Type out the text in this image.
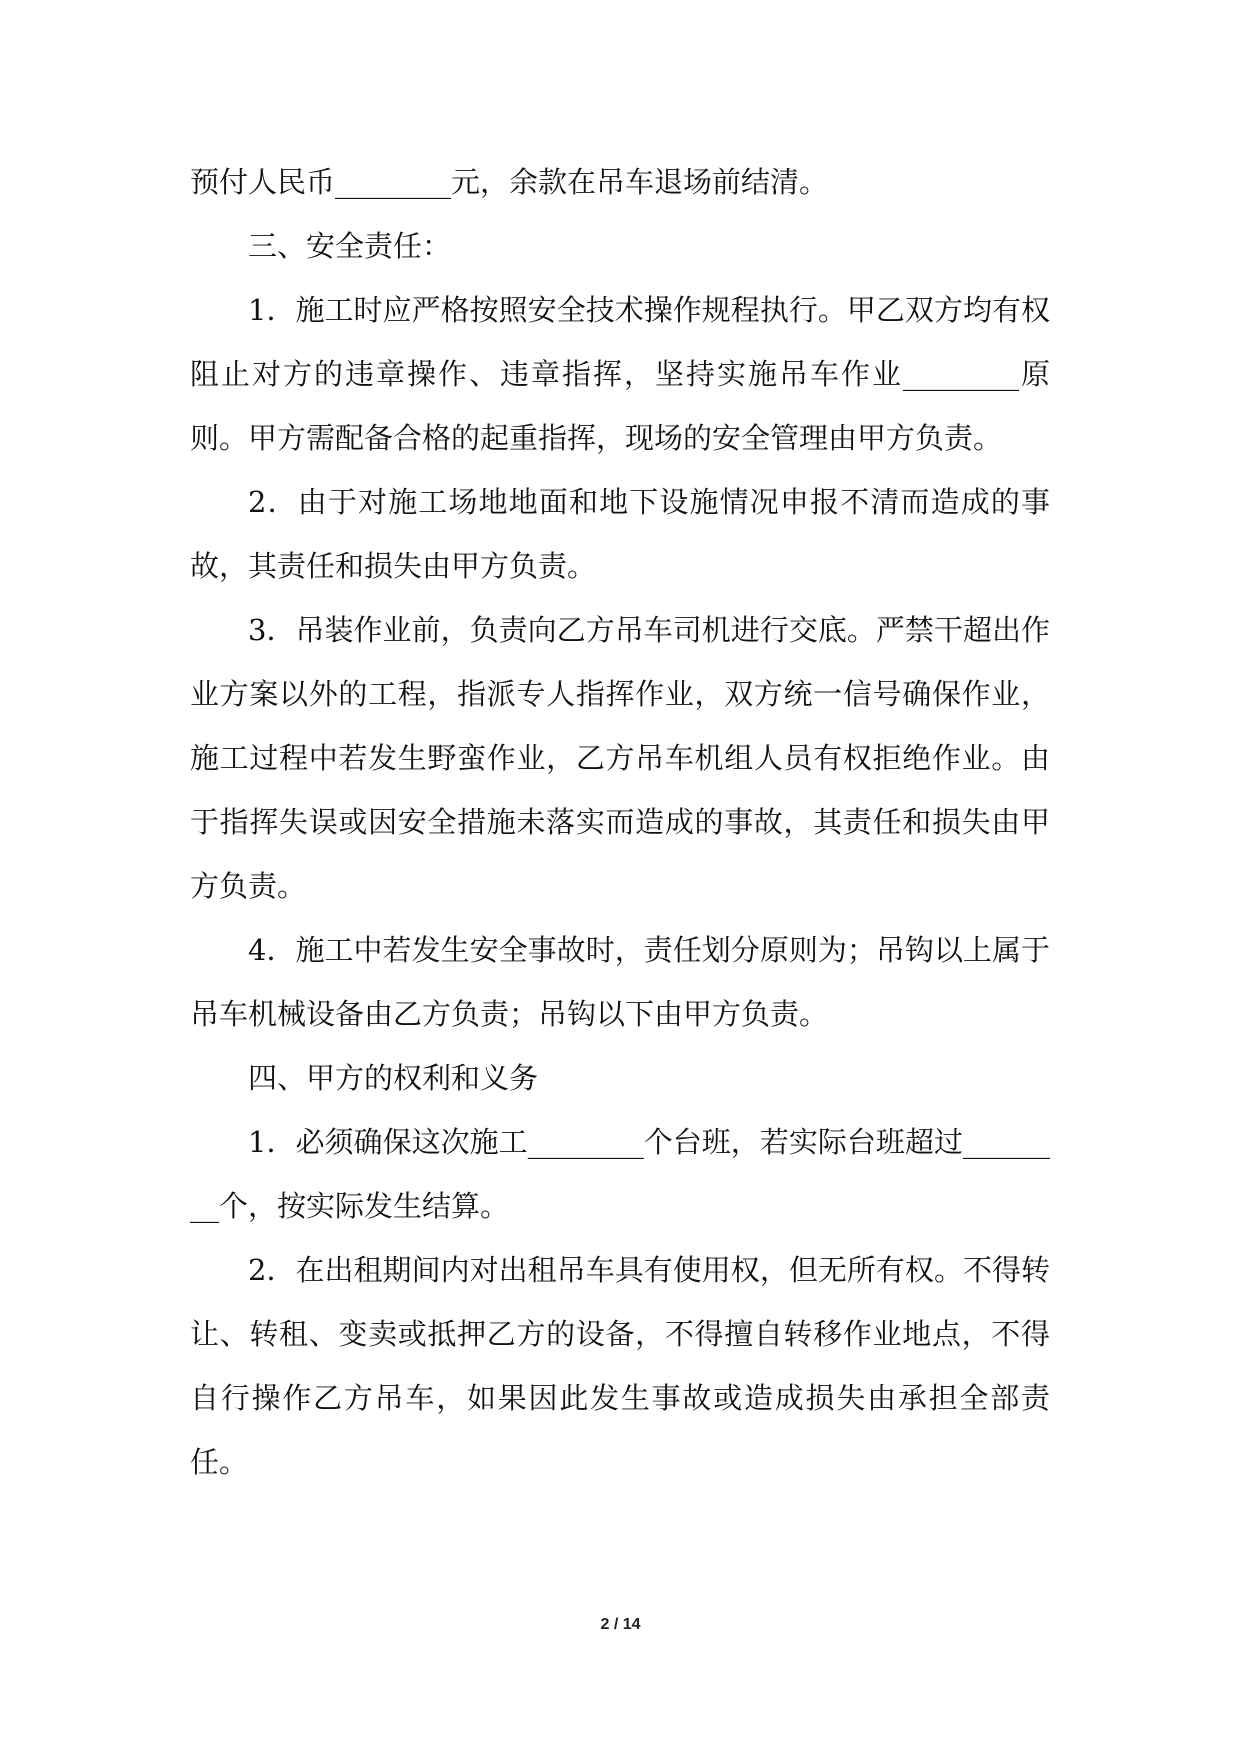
预付人民币________元，余款在吊车退场前结清。

三、安全责任：

1．施工时应严格按照安全技术操作规程执行。甲乙双方均有权阻止对方的违章操作、违章指挥，坚持实施吊车作业________原则。甲方需配备合格的起重指挥，现场的安全管理由甲方负责。

2．由于对施工场地地面和地下设施情况申报不清而造成的事故，其责任和损失由甲方负责。

3．吊装作业前，负责向乙方吊车司机进行交底。严禁干超出作业方案以外的工程，指派专人指挥作业，双方统一信号确保作业，施工过程中若发生野蛮作业，乙方吊车机组人员有权拒绝作业。由于指挥失误或因安全措施未落实而造成的事故，其责任和损失由甲方负责。

4．施工中若发生安全事故时，责任划分原则为；吊钩以上属于吊车机械设备由乙方负责；吊钩以下由甲方负责。

四、甲方的权利和义务

1．必须确保这次施工________个台班，若实际台班超过________个，按实际发生结算。

2．在出租期间内对出租吊车具有使用权，但无所有权。不得转让、转租、变卖或抵押乙方的设备，不得擅自转移作业地点，不得自行操作乙方吊车，如果因此发生事故或造成损失由承担全部责任。

2 / 14
